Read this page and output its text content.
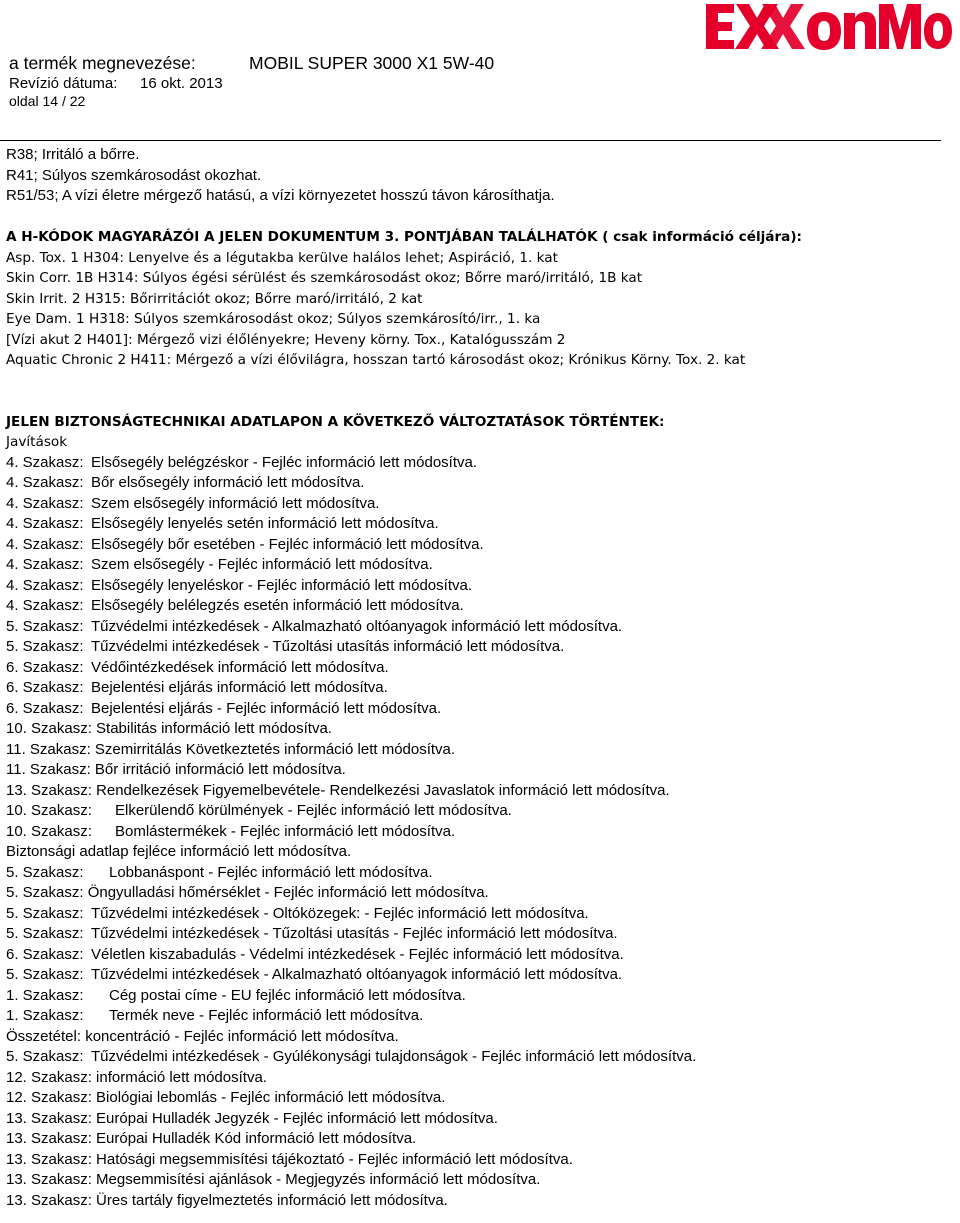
a termék megnevezése:	MOBIL SUPER 3000 X1 5W-40
Revízió dátuma: 16 okt. 2013
oldal 14 / 22
R38; Irritáló a bőrre.
R41; Súlyos szemkárosodást okozhat.
R51/53; A vízi életre mérgező hatású, a vízi környezetet hosszú távon károsíthatja.
A H-KÓDOK MAGYARÁZÓI A JELEN DOKUMENTUM 3. PONTJÁBAN TALÁLHATÓK ( csak információ céljára):
Asp. Tox. 1 H304: Lenyelve és a légutakba kerülve halálos lehet; Aspiráció, 1. kat
Skin Corr. 1B H314: Súlyos égési sérülést és szemkárosodást okoz; Bőrre maró/irritáló, 1B kat
Skin Irrit. 2 H315: Bőrirritációt okoz; Bőrre maró/irritáló, 2 kat
Eye Dam. 1 H318: Súlyos szemkárosodást okoz; Súlyos szemkárosító/irr., 1. ka
[Vízi akut 2 H401]: Mérgező vizi élőlényekre; Heveny körny. Tox., Katalógusszám 2
Aquatic Chronic 2 H411: Mérgező a vízi élővilágra, hosszan tartó károsodást okoz; Krónikus Körny. Tox. 2. kat
JELEN BIZTONSÁGTECHNIKAI ADATLAPON A KÖVETKEZŐ VÁLTOZTATÁSOK TÖRTÉNTEK:
Javítások
4. Szakasz: Elsősegély belégzéskor - Fejléc információ lett módosítva.
4. Szakasz: Bőr elsősegély információ lett módosítva.
4. Szakasz: Szem elsősegély információ lett módosítva.
4. Szakasz: Elsősegély lenyelés setén információ lett módosítva.
4. Szakasz: Elsősegély bőr esetében - Fejléc információ lett módosítva.
4. Szakasz: Szem elsősegély - Fejléc információ lett módosítva.
4. Szakasz: Elsősegély lenyeléskor - Fejléc információ lett módosítva.
4. Szakasz: Elsősegély belélegzés esetén információ lett módosítva.
5. Szakasz: Tűzvédelmi intézkedések - Alkalmazható oltóanyagok információ lett módosítva.
5. Szakasz: Tűzvédelmi intézkedések - Tűzoltási utasítás információ lett módosítva.
6. Szakasz: Védőintézkedések információ lett módosítva.
6. Szakasz: Bejelentési eljárás információ lett módosítva.
6. Szakasz: Bejelentési eljárás - Fejléc információ lett módosítva.
10. Szakasz: Stabilitás információ lett módosítva.
11. Szakasz: Szemirritálás Következtetés információ lett módosítva.
11. Szakasz: Bőr irritáció információ lett módosítva.
13. Szakasz: Rendelkezések Figyemelbevétele- Rendelkezési Javaslatok információ lett módosítva.
10. Szakasz: Elkerülendő körülmények - Fejléc információ lett módosítva.
10. Szakasz: Bomlástermékek - Fejléc információ lett módosítva.
Biztonsági adatlap fejléce információ lett módosítva.
5. Szakasz: Lobbanáspont - Fejléc információ lett módosítva.
5. Szakasz: Öngyulladási hőmérséklet - Fejléc információ lett módosítva.
5. Szakasz: Tűzvédelmi intézkedések - Oltóközegek: - Fejléc információ lett módosítva.
5. Szakasz: Tűzvédelmi intézkedések - Tűzoltási utasítás - Fejléc információ lett módosítva.
6. Szakasz: Véletlen kiszabadulás - Védelmi intézkedések - Fejléc információ lett módosítva.
5. Szakasz: Tűzvédelmi intézkedések - Alkalmazható oltóanyagok információ lett módosítva.
1. Szakasz: Cég postai címe - EU fejléc információ lett módosítva.
1. Szakasz: Termék neve - Fejléc információ lett módosítva.
Összetétel: koncentráció - Fejléc információ lett módosítva.
5. Szakasz: Tűzvédelmi intézkedések - Gyúlékonysági tulajdonságok - Fejléc információ lett módosítva.
12. Szakasz: információ lett módosítva.
12. Szakasz: Biológiai lebomlás - Fejléc információ lett módosítva.
13. Szakasz: Európai Hulladék Jegyzék - Fejléc információ lett módosítva.
13. Szakasz: Európai Hulladék Kód információ lett módosítva.
13. Szakasz: Hatósági megsemmisítési tájékoztató - Fejléc információ lett módosítva.
13. Szakasz: Megsemmisítési ajánlások - Megjegyzés információ lett módosítva.
13. Szakasz: Üres tartály figyelmeztetés információ lett módosítva.
